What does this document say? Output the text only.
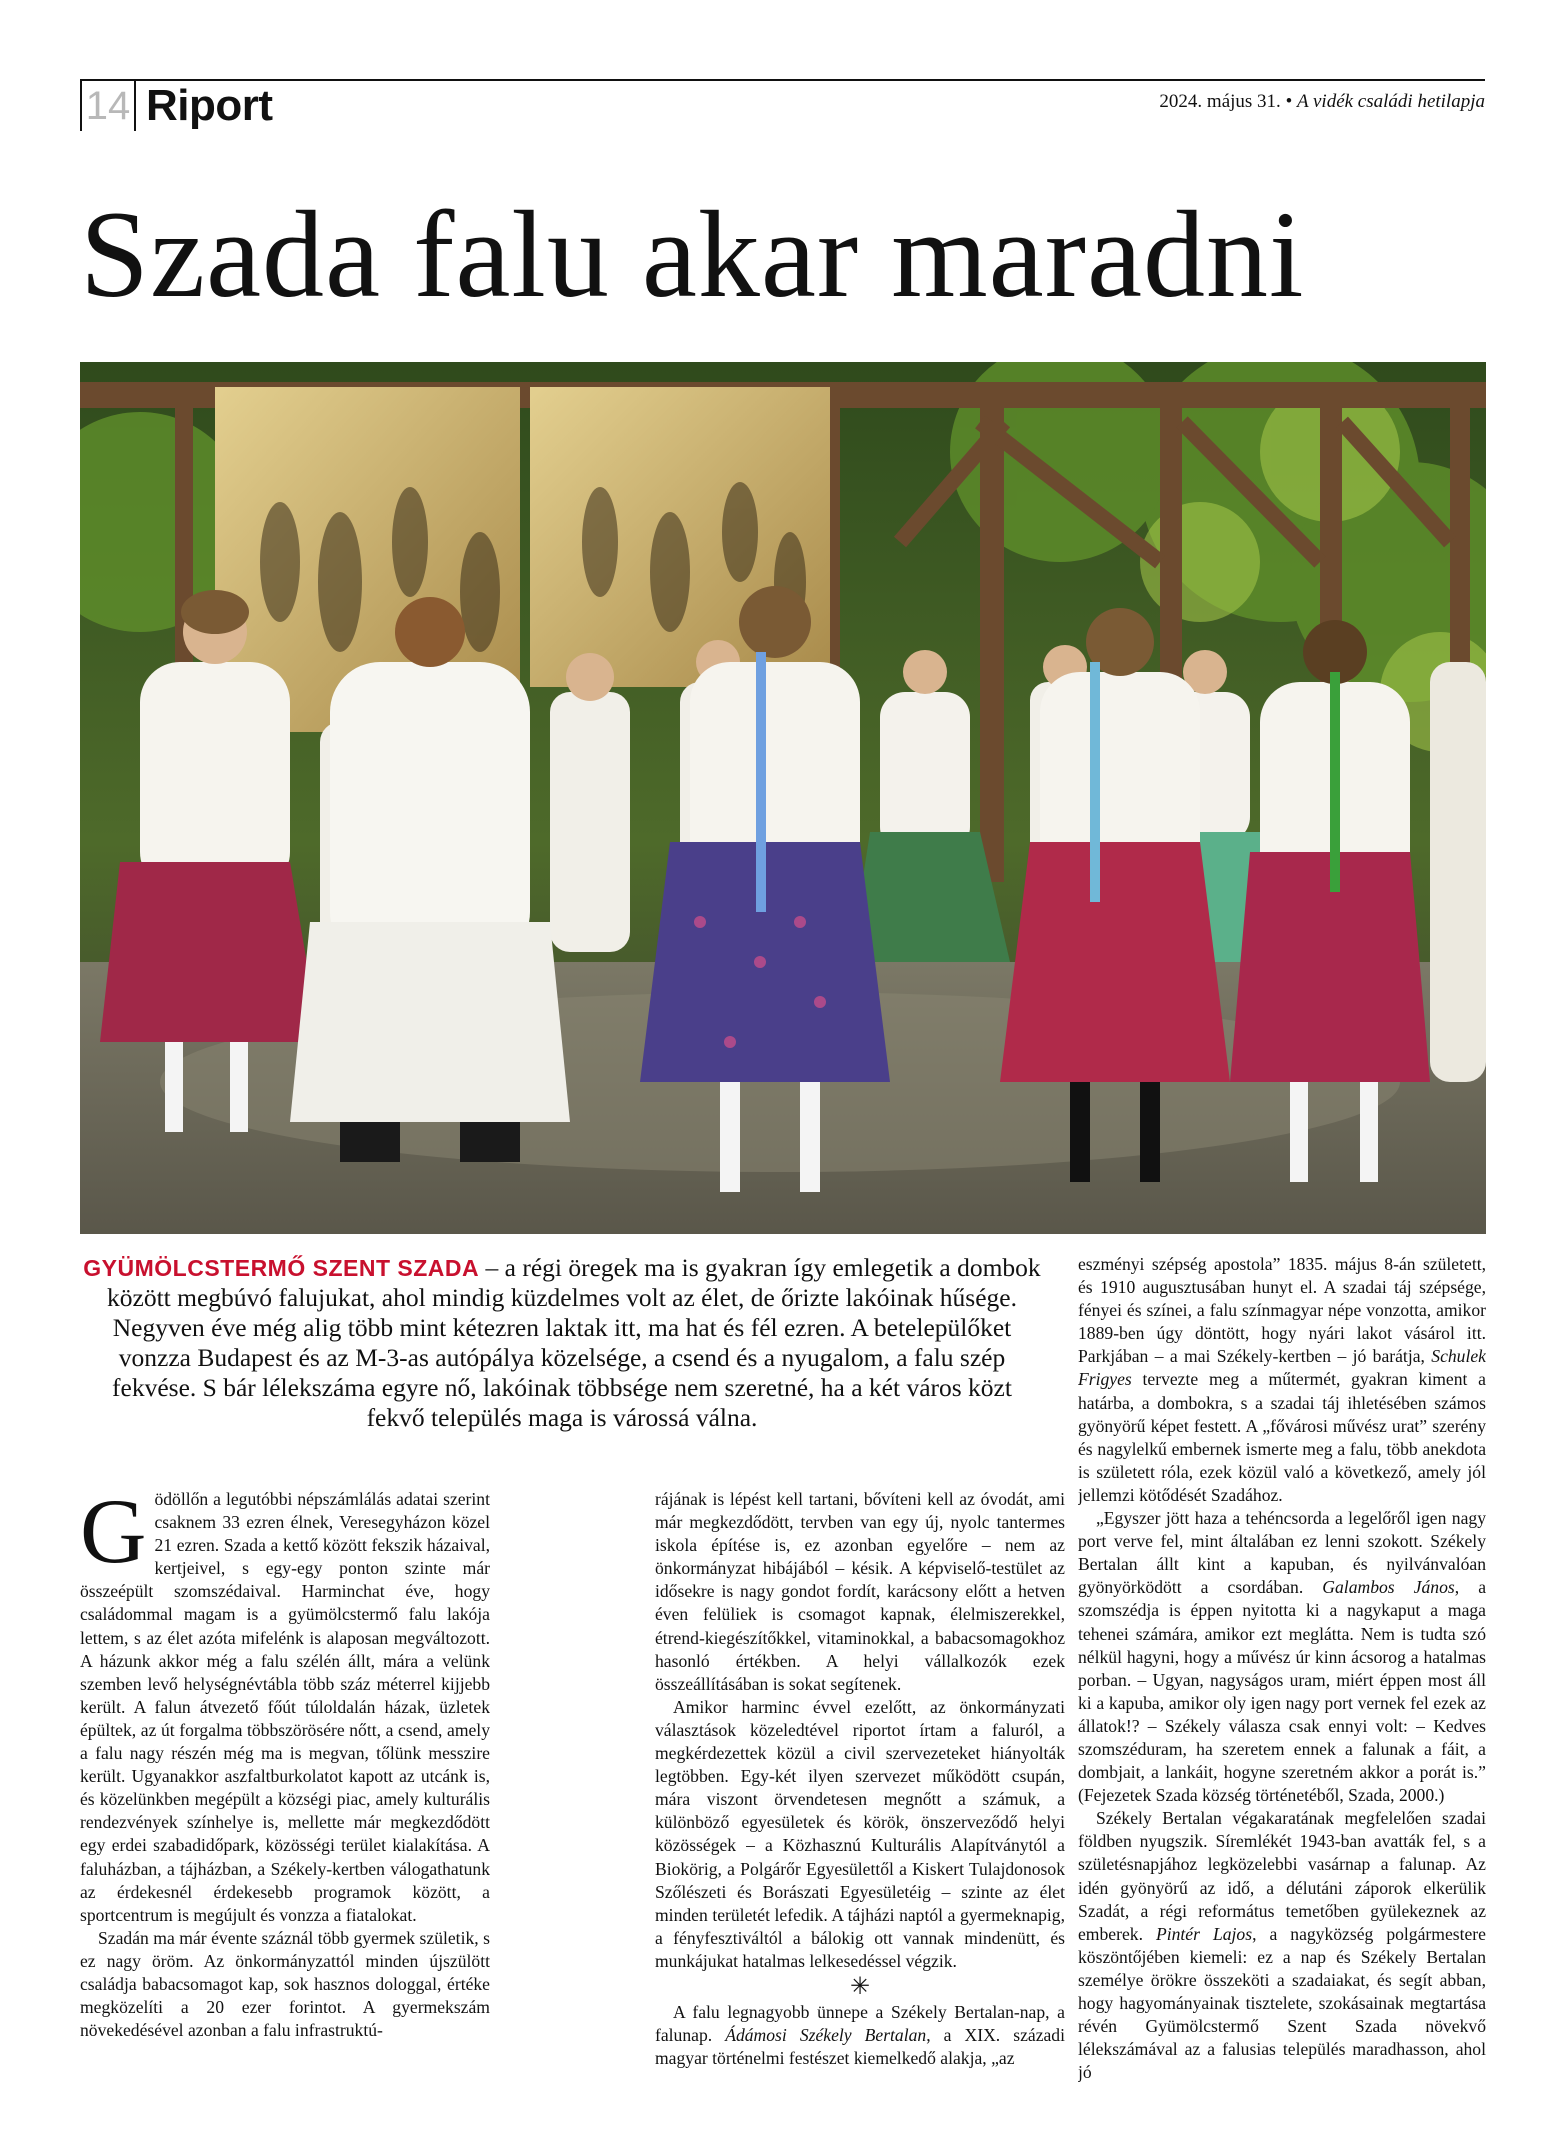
14 Riport	2024. május 31. • A vidék családi hetilapja
Szada falu akar maradni
GYÜMÖLCSTERMŐ SZENT SZADA – a régi öregek ma is gyakran így emlegetik a dombok között megbúvó falujukat, ahol mindig küzdelmes volt az élet, de őrizte lakóinak hűsége. Negyven éve még alig több mint kétezren laktak itt, ma hat és fél ezren. A betelepülőket vonzza Budapest és az M-3-as autópálya közelsége, a csend és a nyugalom, a falu szép fekvése. S bár lélekszáma egyre nő, lakóinak többsége nem szeretné, ha a két város közt fekvő település maga is várossá válna.

Gödöllőn a legutóbbi népszámlálás adatai szerint csaknem 33 ezren élnek, Veresegyházon közel 21 ezren. Szada a kettő között fekszik házaival, kertjeivel, s egy-egy ponton szinte már összeépült szomszédaival. Harminchat éve, hogy családommal magam is a gyümölcstermő falu lakója lettem, s az élet azóta mifelénk is alaposan megváltozott. A házunk akkor még a falu szélén állt, mára a velünk szemben levő helységnévtábla több száz méterrel kijjebb került. A falun átvezető főút túloldalán házak, üzletek épültek, az út forgalma többszörösére nőtt, a csend, amely a falu nagy részén még ma is megvan, tőlünk messzire került. Ugyanakkor aszfaltburkolatot kapott az utcánk is, és közelünkben megépült a községi piac, amely kulturális rendezvények színhelye is, mellette már megkezdődött egy erdei szabadidőpark, közösségi terület kialakítása. A faluházban, a tájházban, a Székely-kertben válogathatunk az érdekesnél érdekesebb programok között, a sportcentrum is megújult és vonzza a fiatalokat.

Szadán ma már évente száznál több gyermek születik, s ez nagy öröm. Az önkormányzattól minden újszülött családja babacsomagot kap, sok hasznos dologgal, értéke megközelíti a 20 ezer forintot. A gyermekszám növekedésével azonban a falu infrastruktú-

rájának is lépést kell tartani, bővíteni kell az óvodát, ami már megkezdődött, tervben van egy új, nyolc tantermes iskola építése is, ez azonban egyelőre – nem az önkormányzat hibájából – késik. A képviselő-testület az idősekre is nagy gondot fordít, karácsony előtt a hetven éven felüliek is csomagot kapnak, élelmiszerekkel, étrend-kiegészítőkkel, vitaminokkal, a babacsomagokhoz hasonló értékben. A helyi vállalkozók ezek összeállításában is sokat segítenek.

Amikor harminc évvel ezelőtt, az önkormányzati választások közeledtével riportot írtam a faluról, a megkérdezettek közül a civil szervezeteket hiányolták legtöbben. Egy-két ilyen szervezet működött csupán, mára viszont örvendetesen megnőtt a számuk, a különböző egyesületek és körök, önszerveződő helyi közösségek – a Közhasznú Kulturális Alapítványtól a Biokörig, a Polgárőr Egyesülettől a Kiskert Tulajdonosok Szőlészeti és Borászati Egyesületéig – szinte az élet minden területét lefedik. A tájházi naptól a gyermeknapig, a fényfesztiváltól a bálokig ott vannak mindenütt, és munkájukat hatalmas lelkesedéssel végzik.

✳

A falu legnagyobb ünnepe a Székely Bertalan-nap, a falunap. Ádámosi Székely Bertalan, a XIX. századi magyar történelmi festészet kiemelkedő alakja, „az

eszményi szépség apostola” 1835. május 8-án született, és 1910 augusztusában hunyt el. A szadai táj szépsége, fényei és színei, a falu színmagyar népe vonzotta, amikor 1889-ben úgy döntött, hogy nyári lakot vásárol itt. Parkjában – a mai Székely-kertben – jó barátja, Schulek Frigyes tervezte meg a műtermét, gyakran kiment a határba, a dombokra, s a szadai táj ihletésében számos gyönyörű képet festett. A „fővárosi művész urat” szerény és nagylelkű embernek ismerte meg a falu, több anekdota is született róla, ezek közül való a következő, amely jól jellemzi kötődését Szadához.

„Egyszer jött haza a tehéncsorda a legelőről igen nagy port verve fel, mint általában ez lenni szokott. Székely Bertalan állt kint a kapuban, és nyilvánvalóan gyönyörködött a csordában. Galambos János, a szomszédja is éppen nyitotta ki a nagykaput a maga tehenei számára, amikor ezt meglátta. Nem is tudta szó nélkül hagyni, hogy a művész úr kinn ácsorog a hatalmas porban. – Ugyan, nagyságos uram, miért éppen most áll ki a kapuba, amikor oly igen nagy port vernek fel ezek az állatok!? – Székely válasza csak ennyi volt: – Kedves szomszéduram, ha szeretem ennek a falunak a fáit, a dombjait, a lankáit, hogyne szeretném akkor a porát is.” (Fejezetek Szada község történetéből, Szada, 2000.)

Székely Bertalan végakaratának megfelelően szadai földben nyugszik. Síremlékét 1943-ban avatták fel, s a születésnapjához legközelebbi vasárnap a falunap. Az idén gyönyörű az idő, a délutáni záporok elkerülik Szadát, a régi református temetőben gyülekeznek az emberek. Pintér Lajos, a nagyközség polgármestere köszöntőjében kiemeli: ez a nap és Székely Bertalan személye örökre összeköti a szadaiakat, és segít abban, hogy hagyományainak tisztelete, szokásainak megtartása révén Gyümölcstermő Szent Szada növekvő lélekszámával az a falusias település maradhasson, ahol jó
